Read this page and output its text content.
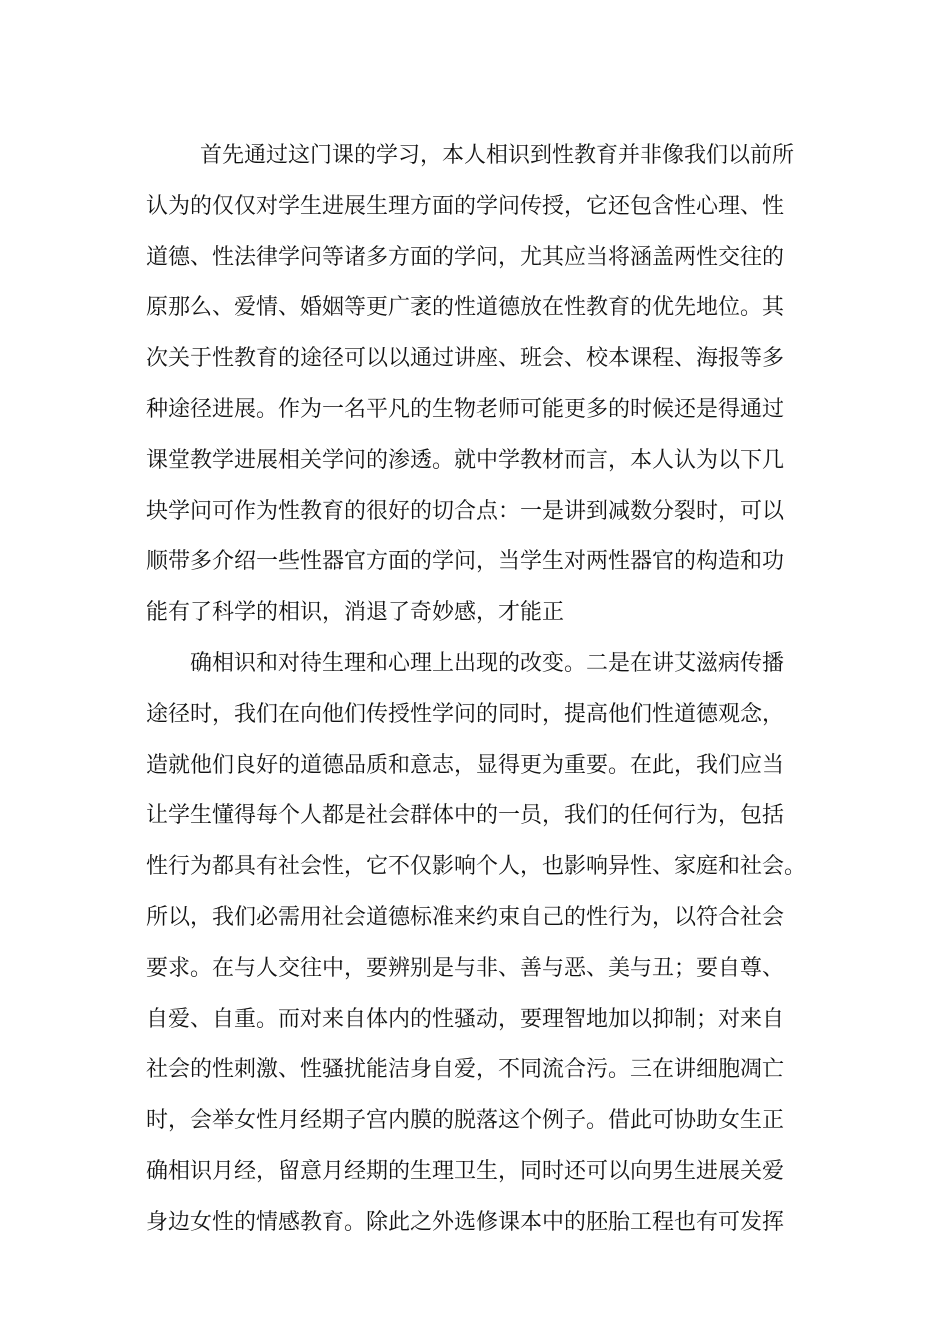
首先通过这门课的学习，本人相识到性教育并非像我们以前所
认为的仅仅对学生进展生理方面的学问传授，它还包含性心理、性
道德、性法律学问等诸多方面的学问，尤其应当将涵盖两性交往的
原那么、爱情、婚姻等更广袤的性道德放在性教育的优先地位。其
次关于性教育的途径可以以通过讲座、班会、校本课程、海报等多
种途径进展。作为一名平凡的生物老师可能更多的时候还是得通过
课堂教学进展相关学问的渗透。就中学教材而言，本人认为以下几
块学问可作为性教育的很好的切合点：一是讲到减数分裂时，可以
顺带多介绍一些性器官方面的学问，当学生对两性器官的构造和功
能有了科学的相识，消退了奇妙感，才能正

确相识和对待生理和心理上出现的改变。二是在讲艾滋病传播
途径时，我们在向他们传授性学问的同时，提高他们性道德观念，
造就他们良好的道德品质和意志，显得更为重要。在此，我们应当
让学生懂得每个人都是社会群体中的一员，我们的任何行为，包括
性行为都具有社会性，它不仅影响个人，也影响异性、家庭和社会。
所以，我们必需用社会道德标准来约束自己的性行为，以符合社会
要求。在与人交往中，要辨别是与非、善与恶、美与丑；要自尊、
自爱、自重。而对来自体内的性骚动，要理智地加以抑制；对来自
社会的性刺激、性骚扰能洁身自爱，不同流合污。三在讲细胞凋亡
时，会举女性月经期子宫内膜的脱落这个例子。借此可协助女生正
确相识月经，留意月经期的生理卫生，同时还可以向男生进展关爱
身边女性的情感教育。除此之外选修课本中的胚胎工程也有可发挥
